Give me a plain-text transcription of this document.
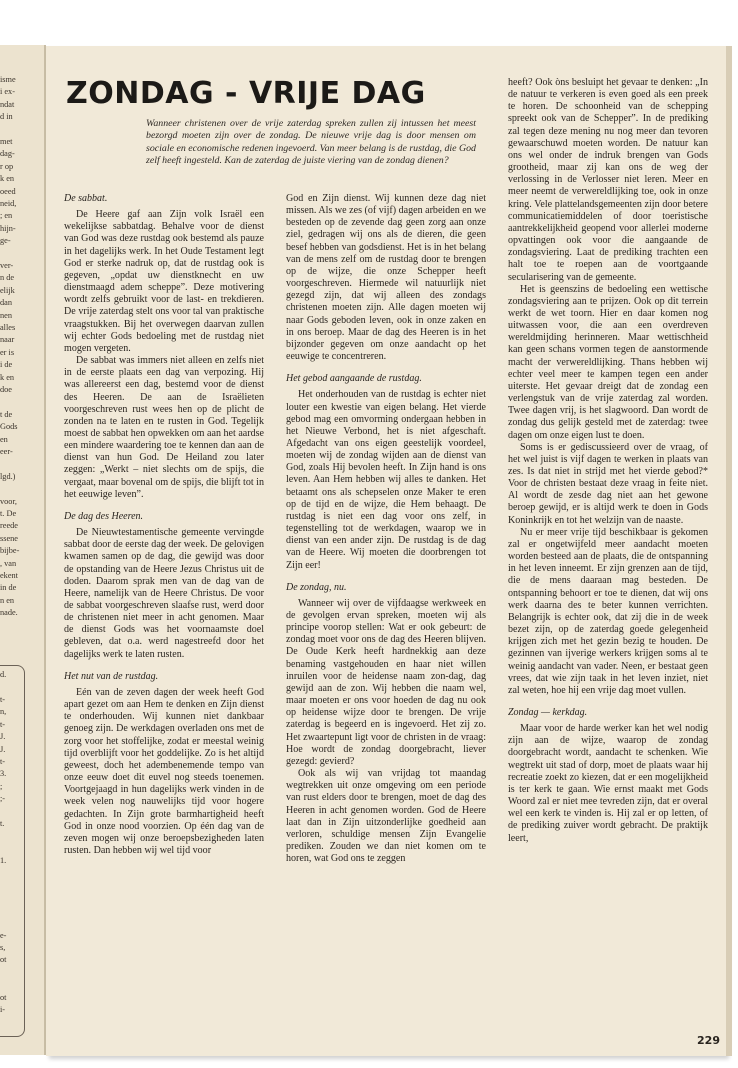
isme
i ex-
ndat
d in
met
dag-
r op
k en
oeed
neid,
; en
hijn-
ge-
ver-
n de
elijk
dan
nen
alles
naar
er is
i de
k en
doe
t de
Gods
en
eer-
lgd.)
voor,
t. De
reede
ssene
bijbe-
, van
ekent
in de
n en
nade.
d.
t-
n,
t-
J.
J.
t-
3.
;
;-
t.
1.
e-
s,
ot
ot
i-
ZONDAG - VRIJE DAG
Wanneer christenen over de vrije zaterdag spreken zullen zij intussen het meest bezorgd moeten zijn over de zondag. De nieuwe vrije dag is door mensen om sociale en economische redenen ingevoerd. Van meer belang is de rustdag, die God zelf heeft ingesteld. Kan de zaterdag de juiste viering van de zondag dienen?
De sabbat.

De Heere gaf aan Zijn volk Israël een wekelijkse sabbatdag. Behalve voor de dienst van God was deze rustdag ook bestemd als pauze in het dagelijks werk. In het Oude Testament legt God er sterke nadruk op, dat de rustdag ook is gegeven, „opdat uw dienstknecht en uw dienstmaagd adem scheppe”. Deze motivering wordt zelfs gebruikt voor de last- en trekdieren. De vrije zaterdag stelt ons voor tal van praktische vraagstukken. Bij het overwegen daarvan zullen wij echter Gods bedoeling met de rustdag niet mogen vergeten.

De sabbat was immers niet alleen en zelfs niet in de eerste plaats een dag van verpozing. Hij was allereerst een dag, bestemd voor de dienst des Heeren. De aan de Israëlieten voorgeschreven rust wees hen op de plicht de zonden na te laten en te rusten in God. Tegelijk moest de sabbat hen opwekken om aan het aardse een mindere waardering toe te kennen dan aan de dienst van hun God. De Heiland zou later zeggen: „Werkt – niet slechts om de spijs, die vergaat, maar bovenal om de spijs, die blijft tot in het eeuwige leven”.

De dag des Heeren.

De Nieuwtestamentische gemeente vervingde sabbat door de eerste dag der week. De gelovigen kwamen samen op de dag, die gewijd was door de opstanding van de Heere Jezus Christus uit de doden. Daarom sprak men van de dag van de Heere, namelijk van de Heere Christus. De voor de sabbat voorgeschreven slaafse rust, werd door de christenen niet meer in acht genomen. Maar de dienst Gods was het voornaamste doel gebleven, dat o.a. werd nagestreefd door het dagelijks werk te laten rusten.

Het nut van de rustdag.

Eén van de zeven dagen der week heeft God apart gezet om aan Hem te denken en Zijn dienst te onderhouden. Wij kunnen niet dankbaar genoeg zijn. De werkdagen overladen ons met de zorg voor het stoffelijke, zodat er meestal weinig tijd overblijft voor het goddelijke. Zo is het altijd geweest, doch het adembenemende tempo van onze eeuw doet dit euvel nog steeds toenemen. Voortgejaagd in hun dagelijks werk vinden in de week velen nog nauwelijks tijd voor hogere gedachten. In Zijn grote barmhartigheid heeft God in onze nood voorzien. Op één dag van de zeven mogen wij onze beroepsbezigheden laten rusten. Dan hebben wij wel tijd voor

God en Zijn dienst. Wij kunnen deze dag niet missen. Als we zes (of vijf) dagen arbeiden en we besteden op de zevende dag geen zorg aan onze ziel, gedragen wij ons als de dieren, die geen besef hebben van godsdienst. Het is in het belang van de mens zelf om de rustdag door te brengen op de wijze, die onze Schepper heeft voorgeschreven. Hiermede wil natuurlijk niet gezegd zijn, dat wij alleen des zondags christenen moeten zijn. Alle dagen moeten wij naar Gods geboden leven, ook in onze zaken en in ons beroep. Maar de dag des Heeren is in het bijzonder gegeven om onze aandacht op het eeuwige te concentreren.

Het gebod aangaande de rustdag.

Het onderhouden van de rustdag is echter niet louter een kwestie van eigen belang. Het vierde gebod mag een omvorming ondergaan hebben in het Nieuwe Verbond, het is niet afgeschaft. Afgedacht van ons eigen geestelijk voordeel, moeten wij de zondag wijden aan de dienst van God, zoals Hij bevolen heeft. In Zijn hand is ons leven. Aan Hem hebben wij alles te danken. Het betaamt ons als schepselen onze Maker te eren op de tijd en de wijze, die Hem behaagt. De rustdag is niet een dag voor ons zelf, in tegenstelling tot de werkdagen, waarop we in dienst van een ander zijn. De rustdag is de dag van de Heere. Wij moeten die doorbrengen tot Zijn eer!

De zondag, nu.

Wanneer wij over de vijfdaagse werkweek en de gevolgen ervan spreken, moeten wij als principe voorop stellen: Wat er ook gebeurt: de zondag moet voor ons de dag des Heeren blijven. De Oude Kerk heeft hardnekkig aan deze benaming vastgehouden en haar niet willen inruilen voor de heidense naam zon-dag, dag gewijd aan de zon. Wij hebben die naam wel, maar moeten er ons voor hoeden de dag nu ook op heidense wijze door te brengen. De vrije zaterdag is begeerd en is ingevoerd. Het zij zo. Het zwaartepunt ligt voor de christen in de vraag: Hoe wordt de zondag doorgebracht, liever gezegd: gevierd?

Ook als wij van vrijdag tot maandag wegtrekken uit onze omgeving om een periode van rust elders door te brengen, moet de dag des Heeren in acht genomen worden. God de Heere laat dan in Zijn uitzonderlijke goedheid aan verloren, schuldige mensen Zijn Evangelie prediken. Zouden we dan niet komen om te horen, wat God ons te zeggen

heeft? Ook òns besluipt het gevaar te denken: „In de natuur te verkeren is even goed als een preek te horen. De schoonheid van de schepping spreekt ook van de Schepper”. In de prediking zal tegen deze mening nu nog meer dan tevoren gewaarschuwd moeten worden. De natuur kan ons wel onder de indruk brengen van Gods grootheid, maar zij kan ons de weg der verlossing in de Verlosser niet leren. Meer en meer neemt de verwereldlijking toe, ook in onze kring. Vele plattelandsgemeenten zijn door betere communicatiemiddelen of door toeristische aantrekkelijkheid geopend voor allerlei moderne opvattingen ook voor die aangaande de zondagsviering. Laat de prediking trachten een halt toe te roepen aan de voortgaande secularisering van de gemeente.

Het is geenszins de bedoeling een wettische zondagsviering aan te prijzen. Ook op dit terrein werkt de wet toorn. Hier en daar komen nog uitwassen voor, die aan een overdreven wereldmijding herinneren. Maar wettischheid kan geen schans vormen tegen de aanstormende macht der verwereldlijking. Thans hebben wij echter veel meer te kampen tegen een ander uiterste. Het gevaar dreigt dat de zondag een verlengstuk van de vrije zaterdag zal worden. Twee dagen vrij, is het slagwoord. Dan wordt de zondag dus gelijk gesteld met de zaterdag: twee dagen om onze eigen lust te doen.

Soms is er gediscussieerd over de vraag, of het wel juist is vijf dagen te werken in plaats van zes. Is dat niet in strijd met het vierde gebod?* Voor de christen bestaat deze vraag in feite niet. Al wordt de zesde dag niet aan het gewone beroep gewijd, er is altijd werk te doen in Gods Koninkrijk en tot het welzijn van de naaste.

Nu er meer vrije tijd beschikbaar is gekomen zal er ongetwijfeld meer aandacht moeten worden besteed aan de plaats, die de ontspanning in het leven inneemt. Er zijn grenzen aan de tijd, die de mens daaraan mag besteden. De ontspanning behoort er toe te dienen, dat wij ons werk daarna des te beter kunnen verrichten. Belangrijk is echter ook, dat zij die in de week bezet zijn, op de zaterdag goede gelegenheid krijgen zich met het gezin bezig te houden. De gezinnen van ijverige werkers krijgen soms al te weinig aandacht van vader. Neen, er bestaat geen vrees, dat wie zijn taak in het leven inziet, niet zal weten, hoe hij een vrije dag moet vullen.

Zondag — kerkdag.

Maar voor de harde werker kan het wel nodig zijn aan de wijze, waarop de zondag doorgebracht wordt, aandacht te schenken. Wie wegtrekt uit stad of dorp, moet de plaats waar hij recreatie zoekt zo kiezen, dat er een mogelijkheid is ter kerk te gaan. Wie ernst maakt met Gods Woord zal er niet mee tevreden zijn, dat er overal wel een kerk te vinden is. Hij zal er op letten, of de prediking zuiver wordt gebracht. De praktijk leert,

229
